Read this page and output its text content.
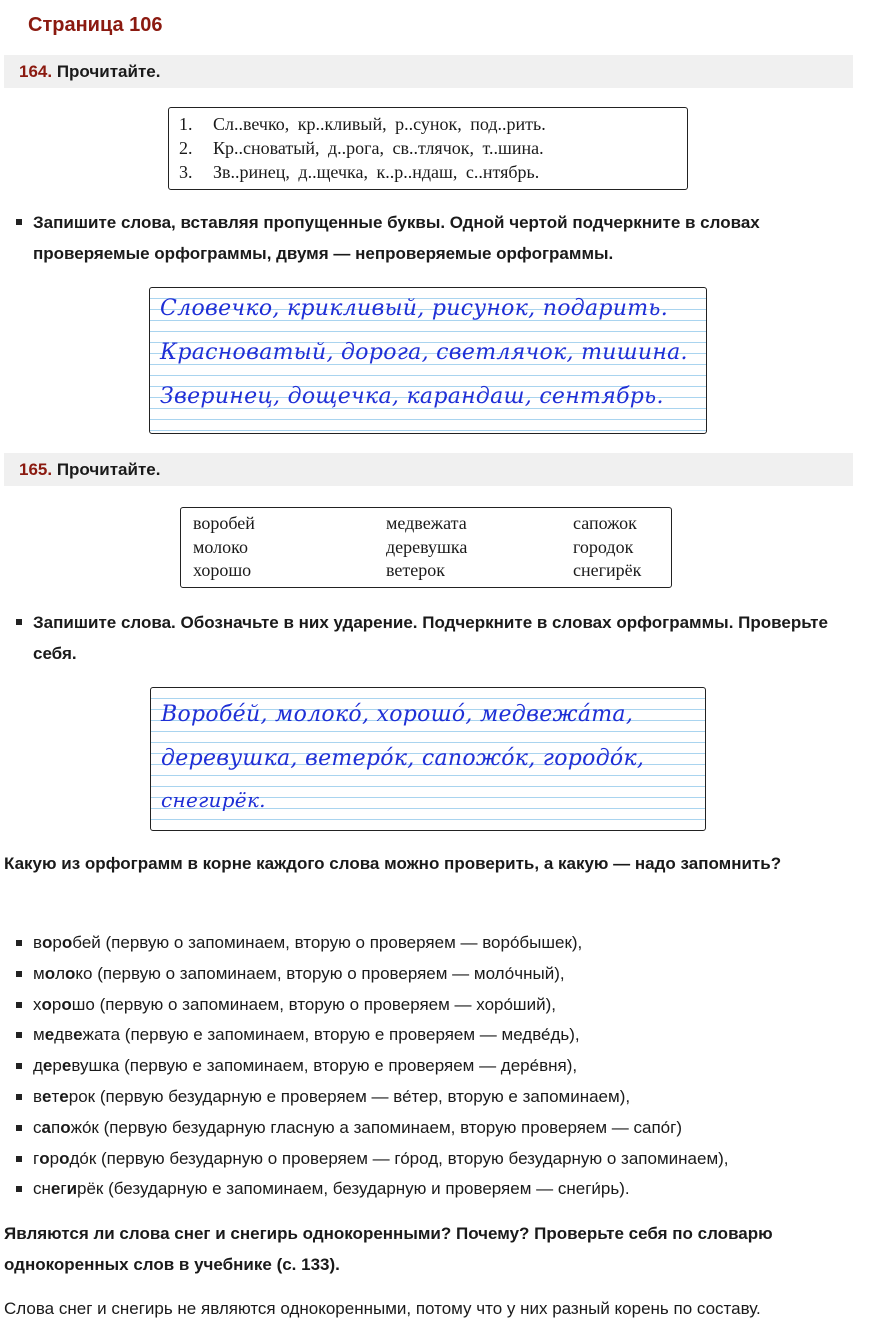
Страница 106
164. Прочитайте.
1. Сл..вечко, кр..кливый, р..сунок, под..рить.
2. Кр..сноватый, д..рога, св..тлячок, т..шина.
3. Зв..ринец, д..щечка, к..р..ндаш, с..нтябрь.
Запишите слова, вставляя пропущенные буквы. Одной чертой подчеркните в словах проверяемые орфограммы, двумя — непроверяемые орфограммы.
Словечко, крикливый, рисунок, подарить.
Красноватый, дорога, светлячок, тишина.
Зверинец, дощечка, карандаш, сентябрь.
165. Прочитайте.
воробей
молоко
хорошо
медвежата
деревушка
ветерок
сапожок
городок
снегирёк
Запишите слова. Обозначьте в них ударение. Подчеркните в словах орфограммы. Проверьте себя.
Воробе́й, молоко́, хорошо́, медвежа́та,
деревушка, ветеро́к, сапожо́к, городо́к,
снегирёк.

Какую из орфограмм в корне каждого слова можно проверить, а какую — надо запомнить?

воробей (первую о запоминаем, вторую о проверяем — воро́бышек),
молоко (первую о запоминаем, вторую о проверяем — моло́чный),
хорошо (первую о запоминаем, вторую о проверяем — хоро́ший),
медвежата (первую е запоминаем, вторую е проверяем — медве́дь),
деревушка (первую е запоминаем, вторую е проверяем — дере́вня),
ветерок (первую безударную е проверяем — ве́тер, вторую е запоминаем),
сапожо́к (первую безударную гласную а запоминаем, вторую проверяем — сапо́г)
городо́к (первую безударную о проверяем — го́род, вторую безударную о запоминаем),
снегирёк (безударную е запоминаем, безударную и проверяем — снеги́рь).

Являются ли слова снег и снегирь однокоренными? Почему? Проверьте себя по словарю однокоренных слов в учебнике (с. 133).

Слова снег и снегирь не являются однокоренными, потому что у них разный корень по составу.
